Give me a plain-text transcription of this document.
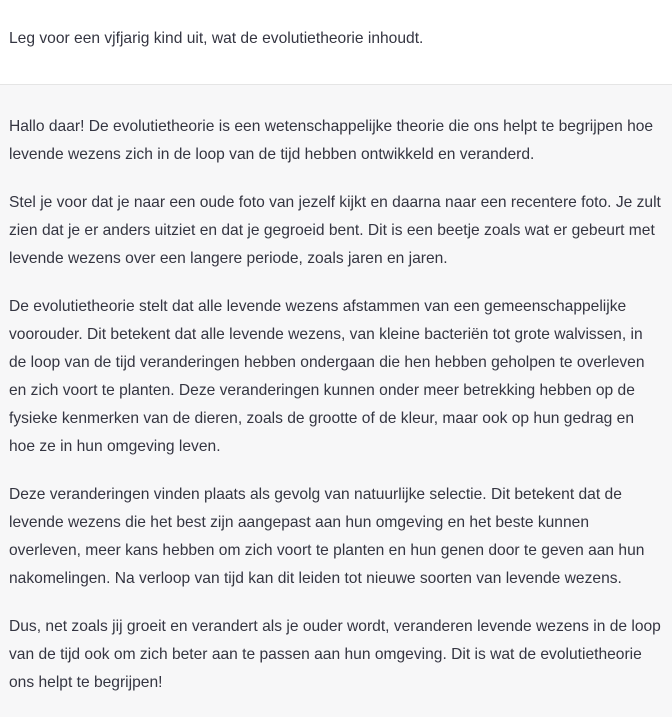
Leg voor een vjfjarig kind uit, wat de evolutietheorie inhoudt.

Hallo daar! De evolutietheorie is een wetenschappelijke theorie die ons helpt te begrijpen hoe levende wezens zich in de loop van de tijd hebben ontwikkeld en veranderd.

Stel je voor dat je naar een oude foto van jezelf kijkt en daarna naar een recentere foto. Je zult zien dat je er anders uitziet en dat je gegroeid bent. Dit is een beetje zoals wat er gebeurt met levende wezens over een langere periode, zoals jaren en jaren.

De evolutietheorie stelt dat alle levende wezens afstammen van een gemeenschappelijke voorouder. Dit betekent dat alle levende wezens, van kleine bacteriën tot grote walvissen, in de loop van de tijd veranderingen hebben ondergaan die hen hebben geholpen te overleven en zich voort te planten. Deze veranderingen kunnen onder meer betrekking hebben op de fysieke kenmerken van de dieren, zoals de grootte of de kleur, maar ook op hun gedrag en hoe ze in hun omgeving leven.

Deze veranderingen vinden plaats als gevolg van natuurlijke selectie. Dit betekent dat de levende wezens die het best zijn aangepast aan hun omgeving en het beste kunnen overleven, meer kans hebben om zich voort te planten en hun genen door te geven aan hun nakomelingen. Na verloop van tijd kan dit leiden tot nieuwe soorten van levende wezens.

Dus, net zoals jij groeit en verandert als je ouder wordt, veranderen levende wezens in de loop van de tijd ook om zich beter aan te passen aan hun omgeving. Dit is wat de evolutietheorie ons helpt te begrijpen!
